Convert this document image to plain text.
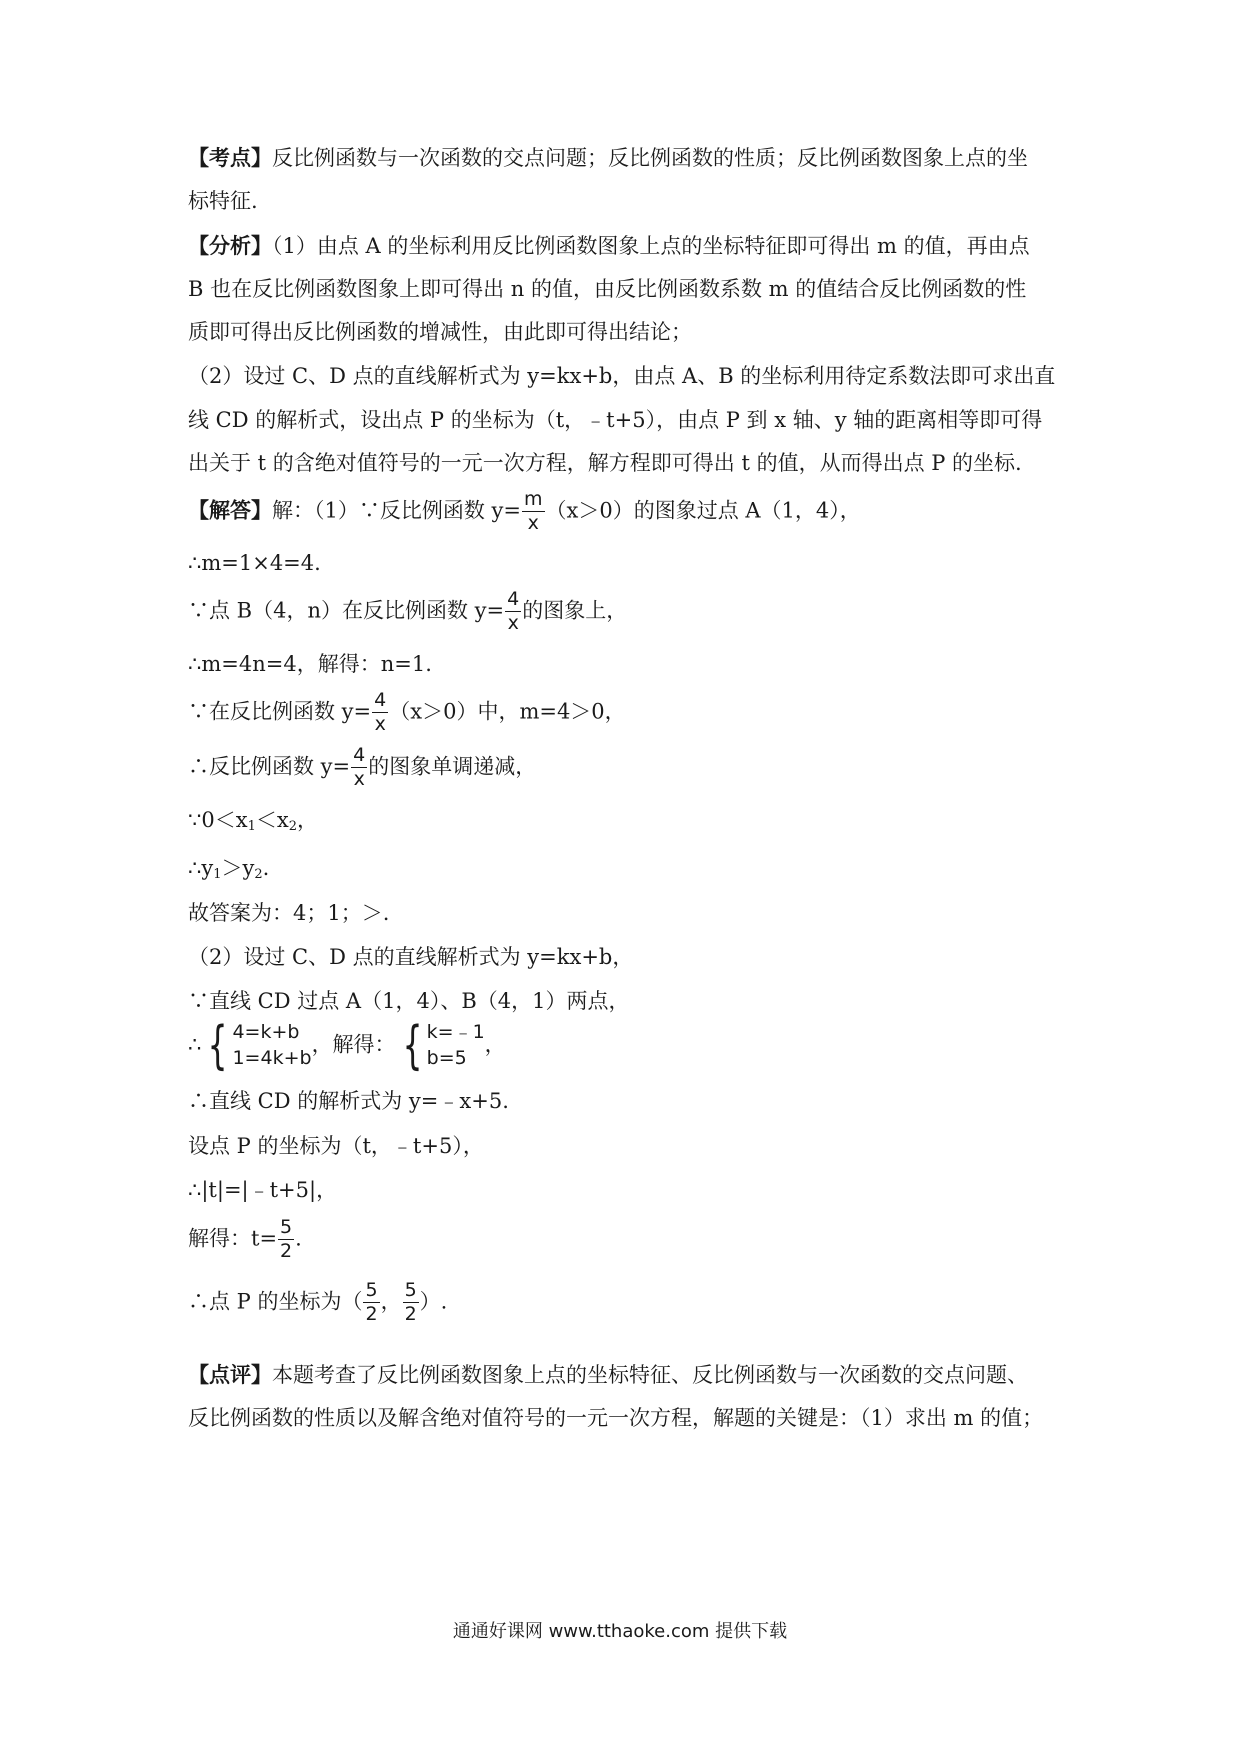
【考点】反比例函数与一次函数的交点问题；反比例函数的性质；反比例函数图象上点的坐
标特征.
【分析】（1）由点 A 的坐标利用反比例函数图象上点的坐标特征即可得出 m 的值，再由点
B 也在反比例函数图象上即可得出 n 的值，由反比例函数系数 m 的值结合反比例函数的性
质即可得出反比例函数的增减性，由此即可得出结论；
（2）设过 C、D 点的直线解析式为 y=kx+b，由点 A、B 的坐标利用待定系数法即可求出直
线 CD 的解析式，设出点 P 的坐标为（t，﹣t+5），由点 P 到 x 轴、y 轴的距离相等即可得
出关于 t 的含绝对值符号的一元一次方程，解方程即可得出 t 的值，从而得出点 P 的坐标.
【解答】解：（1）∵反比例函数 $y= \frac{m}{x} (x>0)$的图象过点 A（1，4），
∴m=1×4=4.
∵点 B（4，n）在反比例函数 $y= \frac{4}{x}$ 的图象上，
∴m=4n=4，解得：n=1.
∵在反比例函数 $y= \frac{4}{x} (x>0)$中，m=4＞0，
∴反比例函数 $y= \frac{4}{x}$ 的图象单调递减，
$\because 0<x_1<x_2$，
$\therefore y_1>y_2$.
故答案为：4；1；＞.
（2）设过 C、D 点的直线解析式为 y=kx+b，
∵直线 CD 过点 A（1，4）、B（4，1）两点，
∴ { 4=k+b
1=4k+b
，解得： { k=﹣1
b=5
，
∴直线 CD 的解析式为 y=﹣x+5.
设点 P 的坐标为（t，﹣t+5），
∴|t|=|﹣t+5|，
解得：$t= \frac{5}{2}$ .
∴点 P 的坐标为（ $\frac{5}{2}$ ， $\frac{5}{2}$ ）.
【点评】本题考查了反比例函数图象上点的坐标特征、反比例函数与一次函数的交点问题、
反比例函数的性质以及解含绝对值符号的一元一次方程，解题的关键是：（1）求出 m 的值；
通通好课网 www.tthaoke.com 提供下载
